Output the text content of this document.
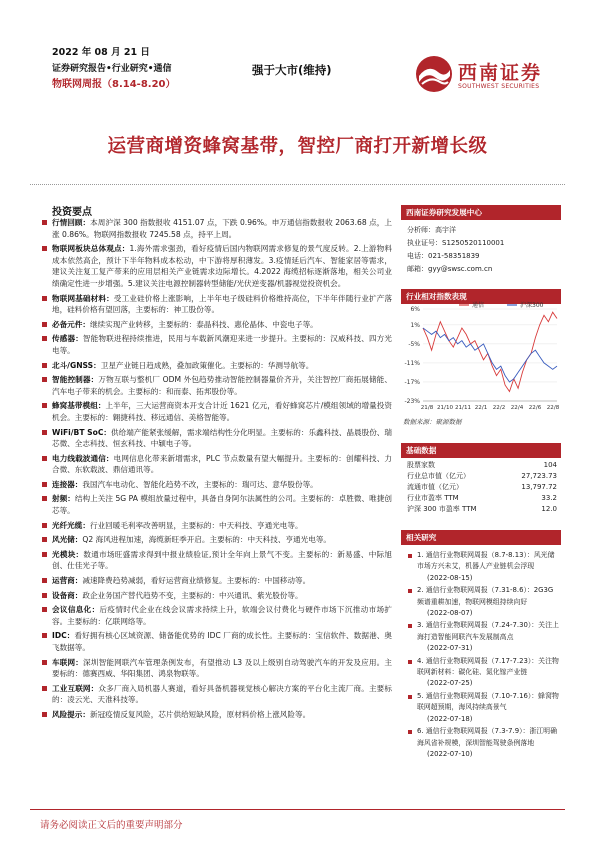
2022 年 08 月 21 日
证券研究报告•行业研究•通信
物联网周报（8.14-8.20）
强于大市(维持)	西南证券
SOUTHWEST SECURITIES
运营商增资蜂窝基带，智控厂商打开新增长级
投资要点
行情回顾：本周沪深 300 指数报收 4151.07 点，下跌 0.96%。申万通信指数报收 2063.68 点，上涨 0.86%。物联网指数报收 7245.58 点，持平上周。
物联网板块总体观点：1.海外需求强劲，看好疫情后国内物联网需求修复的景气度反转。2.上游物料成本依然高企，预计下半年物料成本松动，中下游将厚积薄发。3.疫情延后汽车、智能家居等需求，建议关注复工复产带来的应用层相关产业链需求边际增长。4.2022 海缆招标逐渐落地，相关公司业绩确定性进一步增强。5.建议关注电源控制器转型储能/光伏逆变器/机器视觉投资机会。
物联网基础材料：受工业硅价格上涨影响，上半年电子级硅料价格维持高位，下半年伴随行业扩产落地，硅料价格有望回落，主要标的：神工股份等。
必备元件：继续实现产业转移，主要标的：泰晶科技、惠伦晶体、中瓷电子等。
传感器：智能物联进程持续推进，民用与车载新风潮迎来进一步提升。主要标的：汉威科技、四方光电等。
北斗/GNSS：卫星产业链日趋成熟，叠加政策催化。主要标的：华测导航等。
智能控制器：万物互联与整机厂 ODM 外包趋势推动智能控制器量价齐升，关注智控厂商拓展储能、汽车电子带来的机会。主要标的：和而泰、拓邦股份等。
蜂窝基带模组：上半年，三大运营商资本开支合计近 1621 亿元，看好蜂窝芯片/模组领域的增量投资机会。主要标的：翱捷科技、移远通信、美格智能等。
WiFi/BT SoC：供给端产能紧张缓解，需求端结构性分化明显。主要标的：乐鑫科技、晶晨股份、瑞芯微、全志科技、恒玄科技、中颖电子等。
电力线载波通信：电网信息化带来新增需求，PLC 节点数量有望大幅提升。主要标的：创耀科技、力合微、东软载波、鼎信通讯等。
连接器：我国汽车电动化、智能化趋势不改，主要标的：瑞可达、意华股份等。
射频：结构上关注 5G PA 模组放量过程中，具备自身阿尔法属性的公司。主要标的：卓胜微、唯捷创芯等。
光纤光缆：行业回暖毛利率改善明显，主要标的：中天科技、亨通光电等。
风光储：Q2 海风进程加速，海缆新旺季开启。主要标的：中天科技、亨通光电等。
光模块：数通市场旺盛需求得到中报业绩验证,预计全年向上景气不变。主要标的：新易盛、中际旭创、仕佳光子等。
运营商：减速降费趋势减弱，看好运营商业绩修复。主要标的：中国移动等。
设备商：政企业务国产替代趋势不变，主要标的：中兴通讯、紫光股份等。
会议信息化：后疫情时代企业在线会议需求持续上升，软端会议付费化与硬件市场下沉推动市场扩容。主要标的：亿联网络等。
IDC：看好拥有核心区域资源、储备能优势的 IDC 厂商的成长性。主要标的：宝信软件、数据港、奥飞数据等。
车联网：深圳智能网联汽车管理条例发布，有望推动 L3 及以上级别自动驾驶汽车的开发及应用。主要标的：德赛西威、华阳集团、鸿泉物联等。
工业互联网：众多厂商入局机器人赛道，看好具备机器视觉核心解决方案的平台化主流厂商。主要标的：凌云光、天准科技等。
风险提示：新冠疫情反复风险，芯片供给短缺风险，原材料价格上涨风险等。
西南证券研究发展中心
分析师：高宇洋
执业证号：S1250520110001
电话：021-58351839
邮箱：gyy@swsc.com.cn
行业相对指数表现
6%
1%
-5%
-11%
-17%
-23%
21/8 21/10 21/11 22/1 22/2 22/4 22/6 22/8
通信	沪深300
数据来源：聚源数据
基础数据
股票家数	104
行业总市值（亿元）	27,723.73
流通市值（亿元）	13,797.72
行业市盈率 TTM	33.2
沪深 300 市盈率 TTM	12.0
相关研究
1. 通信行业物联网周报（8.7-8.13）：风光储市场方兴未艾，机器人产业链机会浮现
(2022-08-15)
2. 通信行业物联网周报（7.31-8.6）：2G3G 频谱重耕加速，物联网模组持续向好
(2022-08-07)
3. 通信行业物联网周报（7.24-7.30）：关注上海打造智能网联汽车发展制高点
(2022-07-31)
4. 通信行业物联网周报（7.17-7.23）：关注物联网新材料：碳化硅、氮化镓产业链
(2022-07-25)
5. 通信行业物联网周报（7.10-7.16）：蜂窝物联网超预期，海风持续高景气
(2022-07-18)
6. 通信行业物联网周报（7.3-7.9）：浙江明确海风省补规模，深圳智能驾驶条例落地
(2022-07-10)
请务必阅读正文后的重要声明部分
